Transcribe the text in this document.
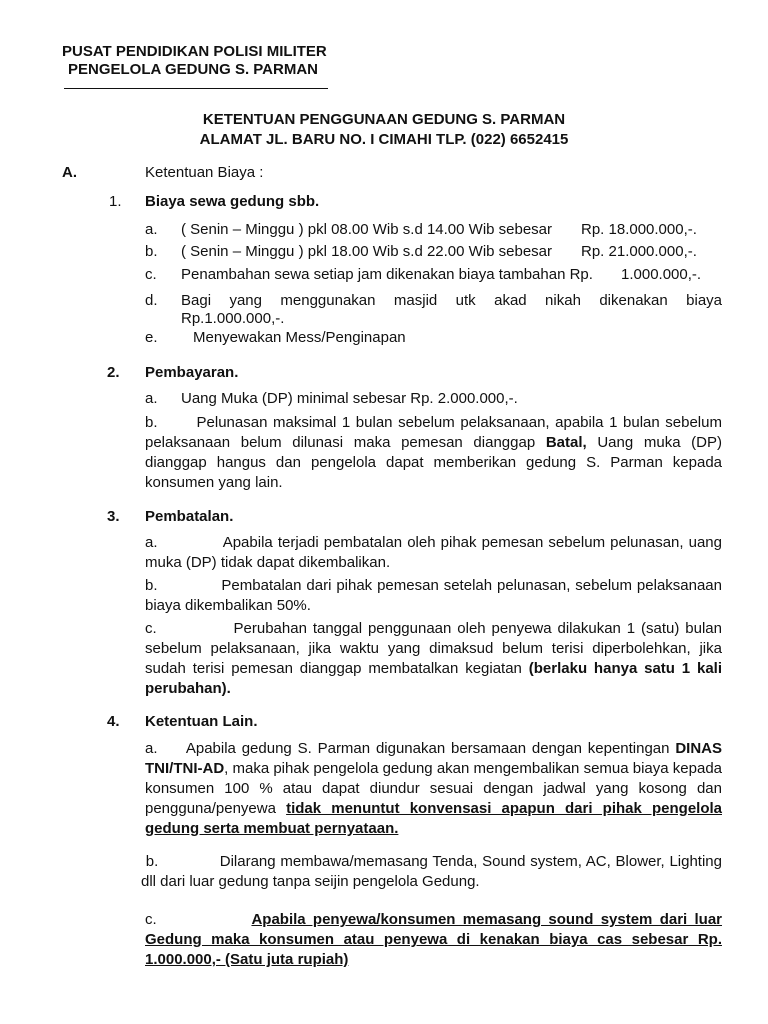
PUSAT PENDIDIKAN POLISI MILITER
PENGELOLA GEDUNG S. PARMAN
KETENTUAN PENGGUNAAN GEDUNG S. PARMAN
ALAMAT JL. BARU NO. I CIMAHI TLP. (022) 6652415
A.	Ketentuan Biaya :
1. Biaya sewa gedung sbb.
a. ( Senin – Minggu ) pkl 08.00 Wib s.d 14.00 Wib sebesar Rp. 18.000.000,-.
b. ( Senin – Minggu ) pkl 18.00 Wib s.d 22.00 Wib sebesar Rp. 21.000.000,-.
c. Penambahan sewa setiap jam dikenakan biaya tambahan Rp. 1.000.000,-.
d. Bagi yang menggunakan masjid utk akad nikah dikenakan biaya
Rp.1.000.000,-.
e. Menyewakan Mess/Penginapan
2. Pembayaran.
a. Uang Muka (DP) minimal sebesar Rp. 2.000.000,-.
b.	Pelunasan maksimal 1 bulan sebelum pelaksanaan, apabila 1 bulan sebelum pelaksanaan belum dilunasi maka pemesan dianggap Batal, Uang muka (DP) dianggap hangus dan pengelola dapat memberikan gedung S. Parman kepada konsumen yang lain.
3. Pembatalan.
a.	Apabila terjadi pembatalan oleh pihak pemesan sebelum pelunasan, uang muka (DP) tidak dapat dikembalikan.
b.	Pembatalan dari pihak pemesan setelah pelunasan, sebelum pelaksanaan biaya dikembalikan 50%.
c.	Perubahan tanggal penggunaan oleh penyewa dilakukan 1 (satu) bulan sebelum pelaksanaan, jika waktu yang dimaksud belum terisi diperbolehkan, jika sudah terisi pemesan dianggap membatalkan kegiatan (berlaku hanya satu 1 kali perubahan).
4. Ketentuan Lain.
a. Apabila gedung S. Parman digunakan bersamaan dengan kepentingan DINAS TNI/TNI-AD, maka pihak pengelola gedung akan mengembalikan semua biaya kepada konsumen 100 % atau dapat diundur sesuai dengan jadwal yang kosong dan pengguna/penyewa tidak menuntut konvensasi apapun dari pihak pengelola gedung serta membuat pernyataan.
b.	Dilarang membawa/memasang Tenda, Sound system, AC, Blower, Lighting dll dari luar gedung tanpa seijin pengelola Gedung.
c.	Apabila penyewa/konsumen memasang sound system dari luar Gedung maka konsumen atau penyewa di kenakan biaya cas sebesar Rp. 1.000.000,- (Satu juta rupiah)
